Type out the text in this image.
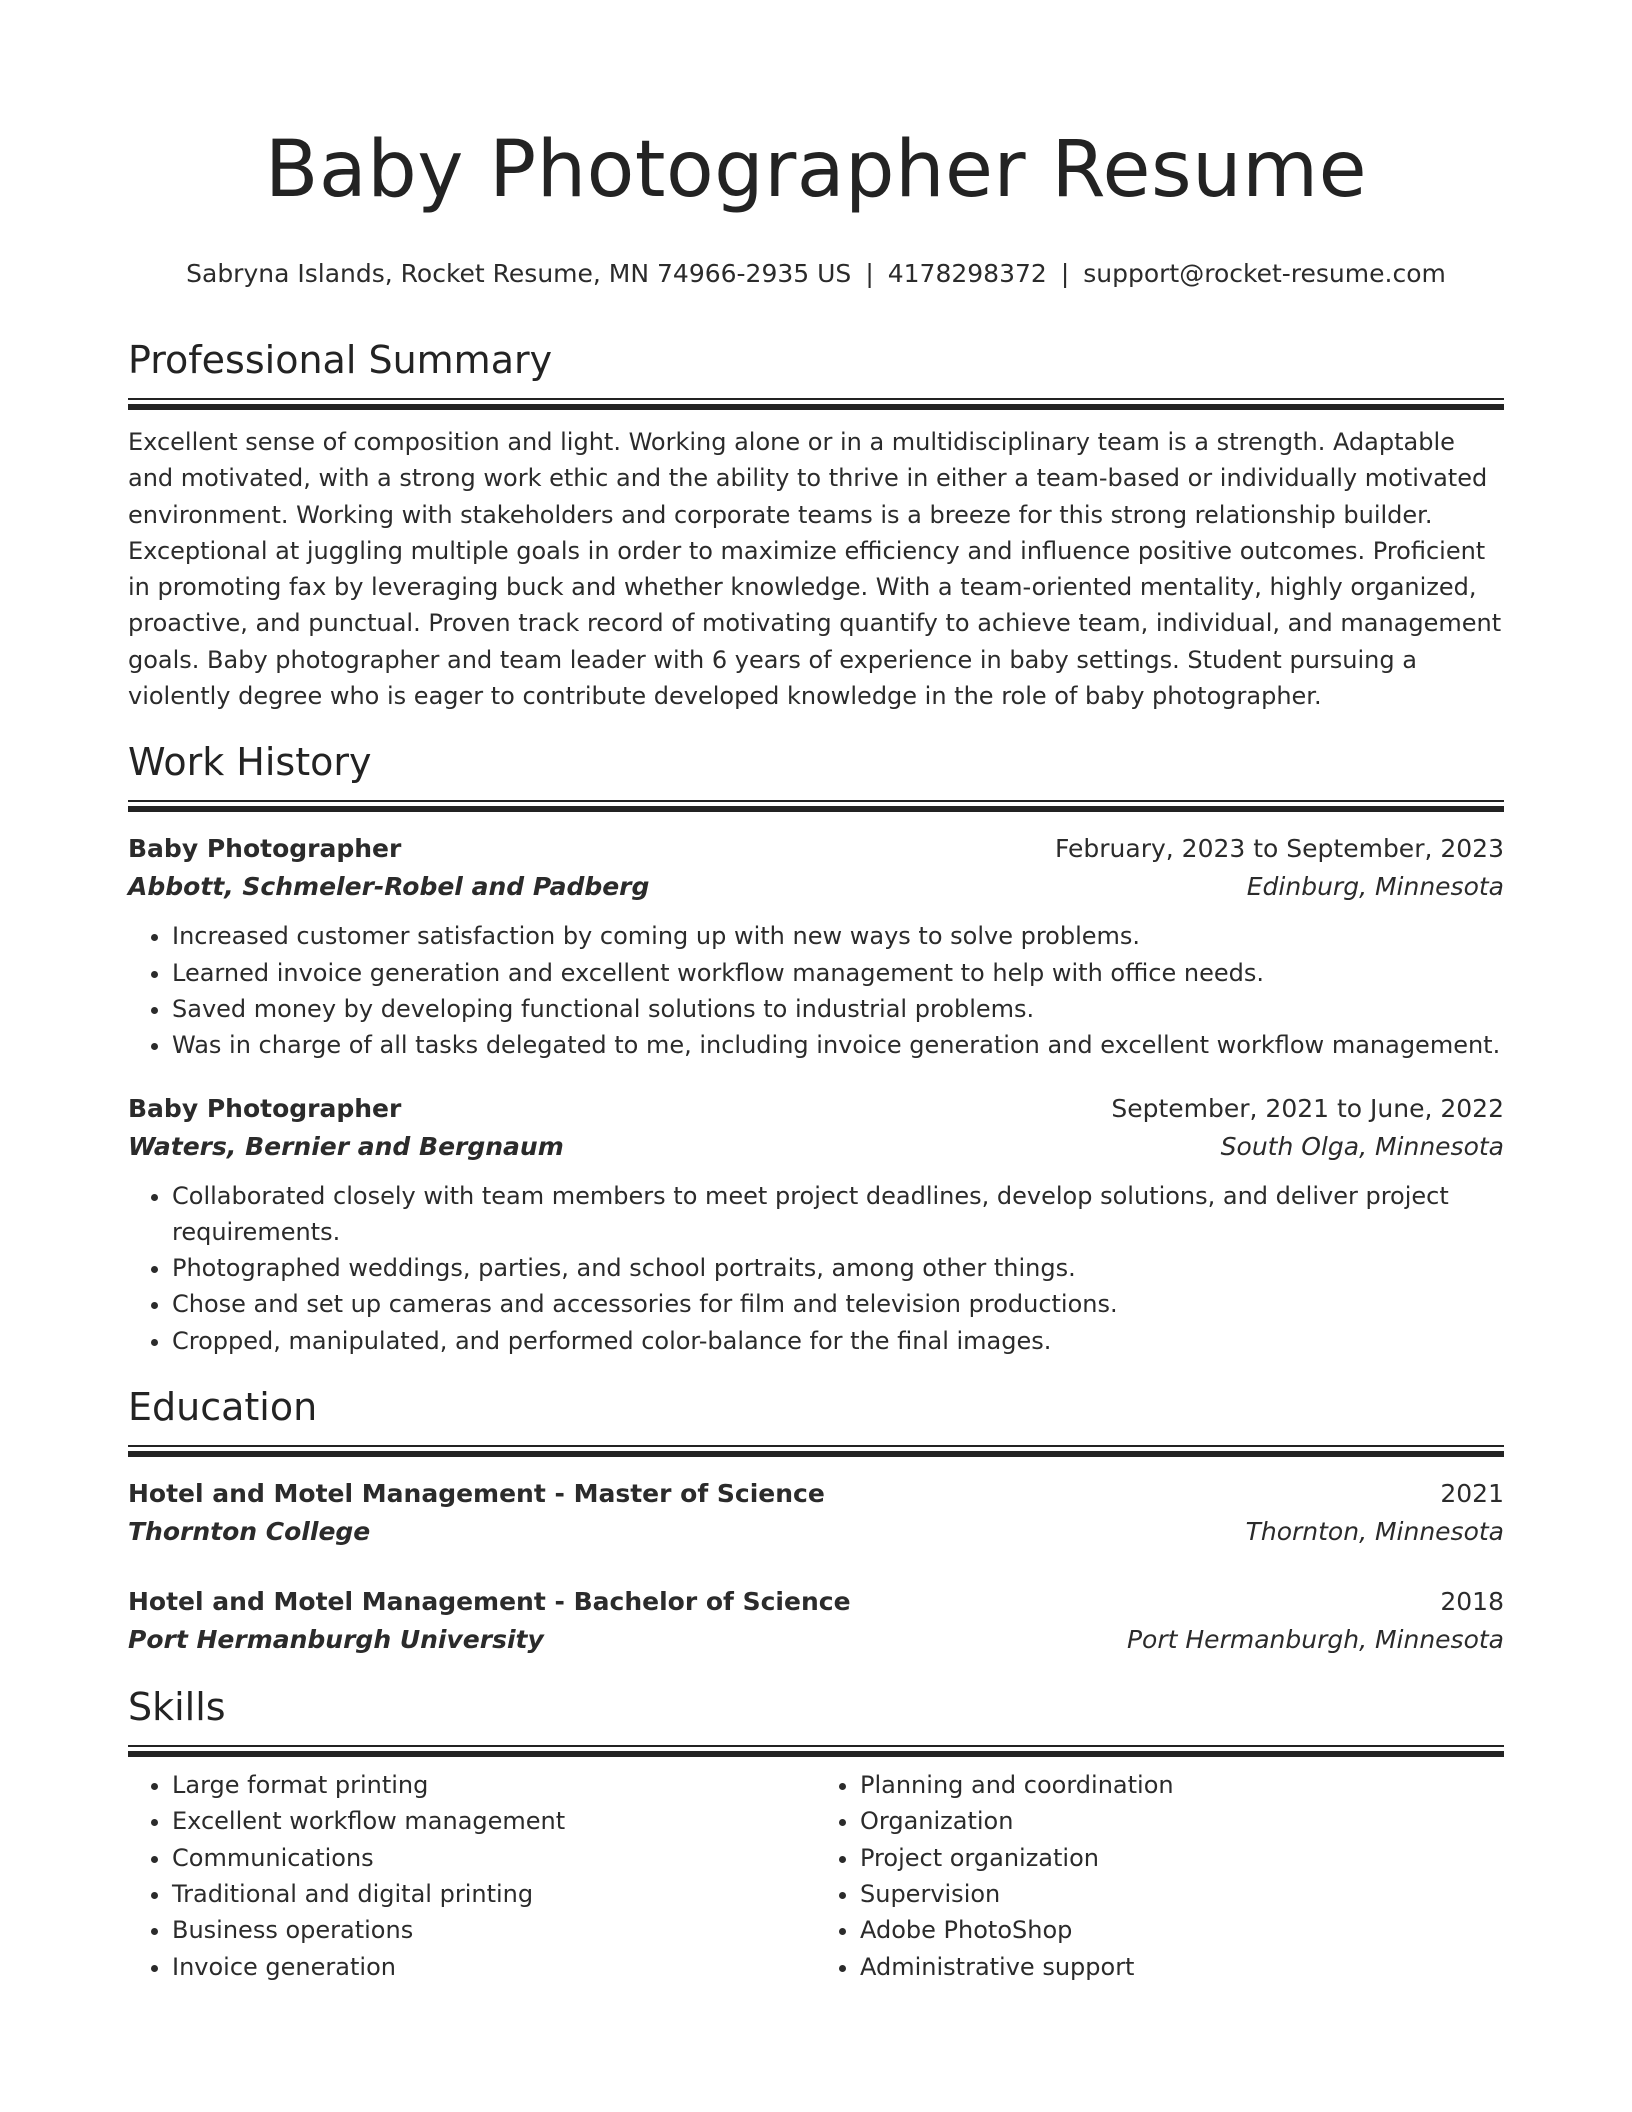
Baby Photographer Resume
Sabryna Islands, Rocket Resume, MN 74966-2935 US | 4178298372 | support@rocket-resume.com
Professional Summary

Excellent sense of composition and light. Working alone or in a multidisciplinary team is a strength. Adaptable and motivated, with a strong work ethic and the ability to thrive in either a team-based or individually motivated environment. Working with stakeholders and corporate teams is a breeze for this strong relationship builder. Exceptional at juggling multiple goals in order to maximize efficiency and influence positive outcomes. Proficient in promoting fax by leveraging buck and whether knowledge. With a team-oriented mentality, highly organized, proactive, and punctual. Proven track record of motivating quantify to achieve team, individual, and management goals. Baby photographer and team leader with 6 years of experience in baby settings. Student pursuing a violently degree who is eager to contribute developed knowledge in the role of baby photographer.

Work History
Baby Photographer	February, 2023 to September, 2023
Abbott, Schmeler-Robel and Padberg	Edinburg, Minnesota
• Increased customer satisfaction by coming up with new ways to solve problems.
• Learned invoice generation and excellent workflow management to help with office needs.
• Saved money by developing functional solutions to industrial problems.
• Was in charge of all tasks delegated to me, including invoice generation and excellent workflow management.
Baby Photographer	September, 2021 to June, 2022
Waters, Bernier and Bergnaum	South Olga, Minnesota
• Collaborated closely with team members to meet project deadlines, develop solutions, and deliver project requirements.
• Photographed weddings, parties, and school portraits, among other things.
• Chose and set up cameras and accessories for film and television productions.
• Cropped, manipulated, and performed color-balance for the final images.
Education
Hotel and Motel Management - Master of Science	2021
Thornton College	Thornton, Minnesota
Hotel and Motel Management - Bachelor of Science	2018
Port Hermanburgh University	Port Hermanburgh, Minnesota
Skills
• Large format printing
• Excellent workflow management
• Communications
• Traditional and digital printing
• Business operations
• Invoice generation
• Planning and coordination
• Organization
• Project organization
• Supervision
• Adobe PhotoShop
• Administrative support
